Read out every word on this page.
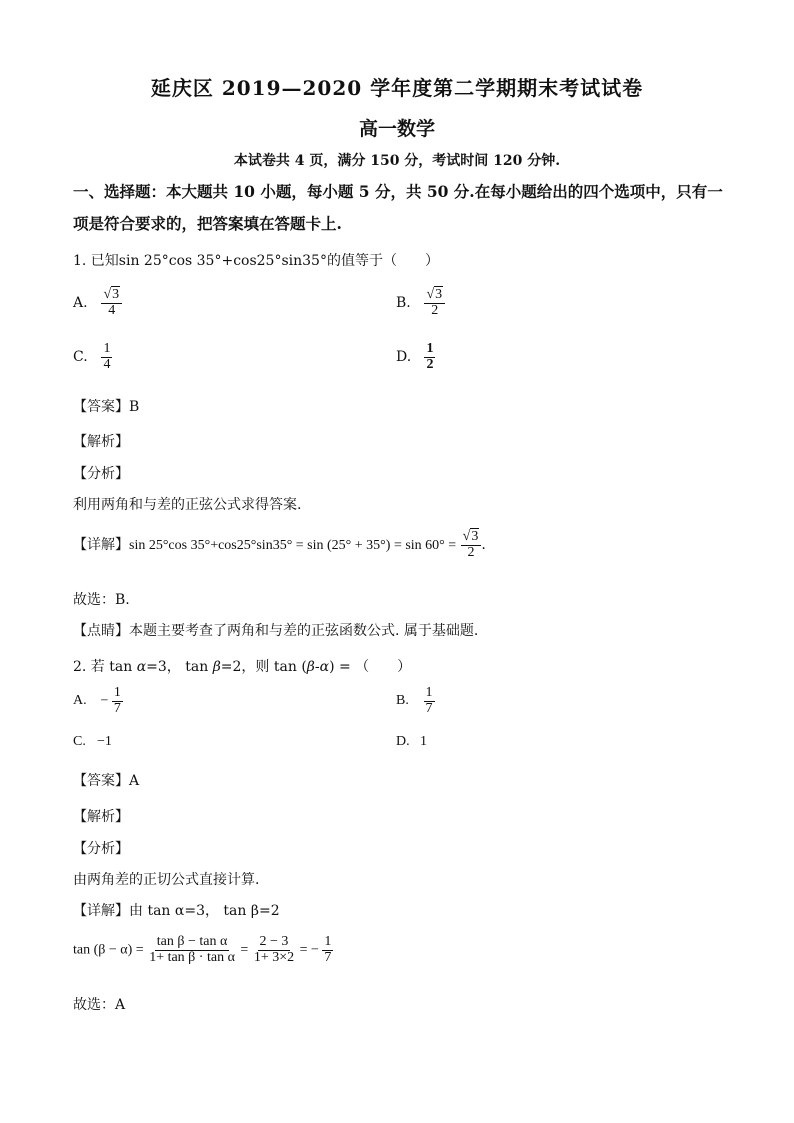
延庆区 2019—2020 学年度第二学期期末考试试卷
高一数学
本试卷共 4 页，满分 150 分，考试时间 120 分钟.
一、选择题：本大题共 10 小题，每小题 5 分，共 50 分.在每小题给出的四个选项中，只有一
项是符合要求的，把答案填在答题卡上.
1. 已知sin 25°cos 35°+cos25°sin35°的值等于（　　）
A. $\frac{√3}{4}$	B. $\frac{√3}{2}$
C. $\frac{1}{4}$	D. $\frac{1}{2}$
【答案】B
【解析】
【分析】
利用两角和与差的正弦公式求得答案.
【详解】sin 25°cos $35^\circ+\cos 25^\circ\sin 35^\circ = \sin (25^\circ + 35^\circ) = \sin 60^\circ = \frac{√3}{2}$ .
故选：B.
【点睛】本题主要考查了两角和与差的正弦函数公式. 属于基础题.
2. 若 tan α=3， tan β=2，则 tan (β-α) = （　　）
A. − $\frac{1}{7}$	B. $\frac{1}{7}$
C. −1	D. 1
【答案】A
【解析】
【分析】
由两角差的正切公式直接计算.
【详解】由 tan α=3， tan β=2
$\tan (\beta - \alpha) = \frac{\text{tan β − tan α}}{\text{1+ tan β · tan α}} = \frac{2 - 3}{1+ 3\times 2}$ = − $\frac{1}{7}$
故选：A
